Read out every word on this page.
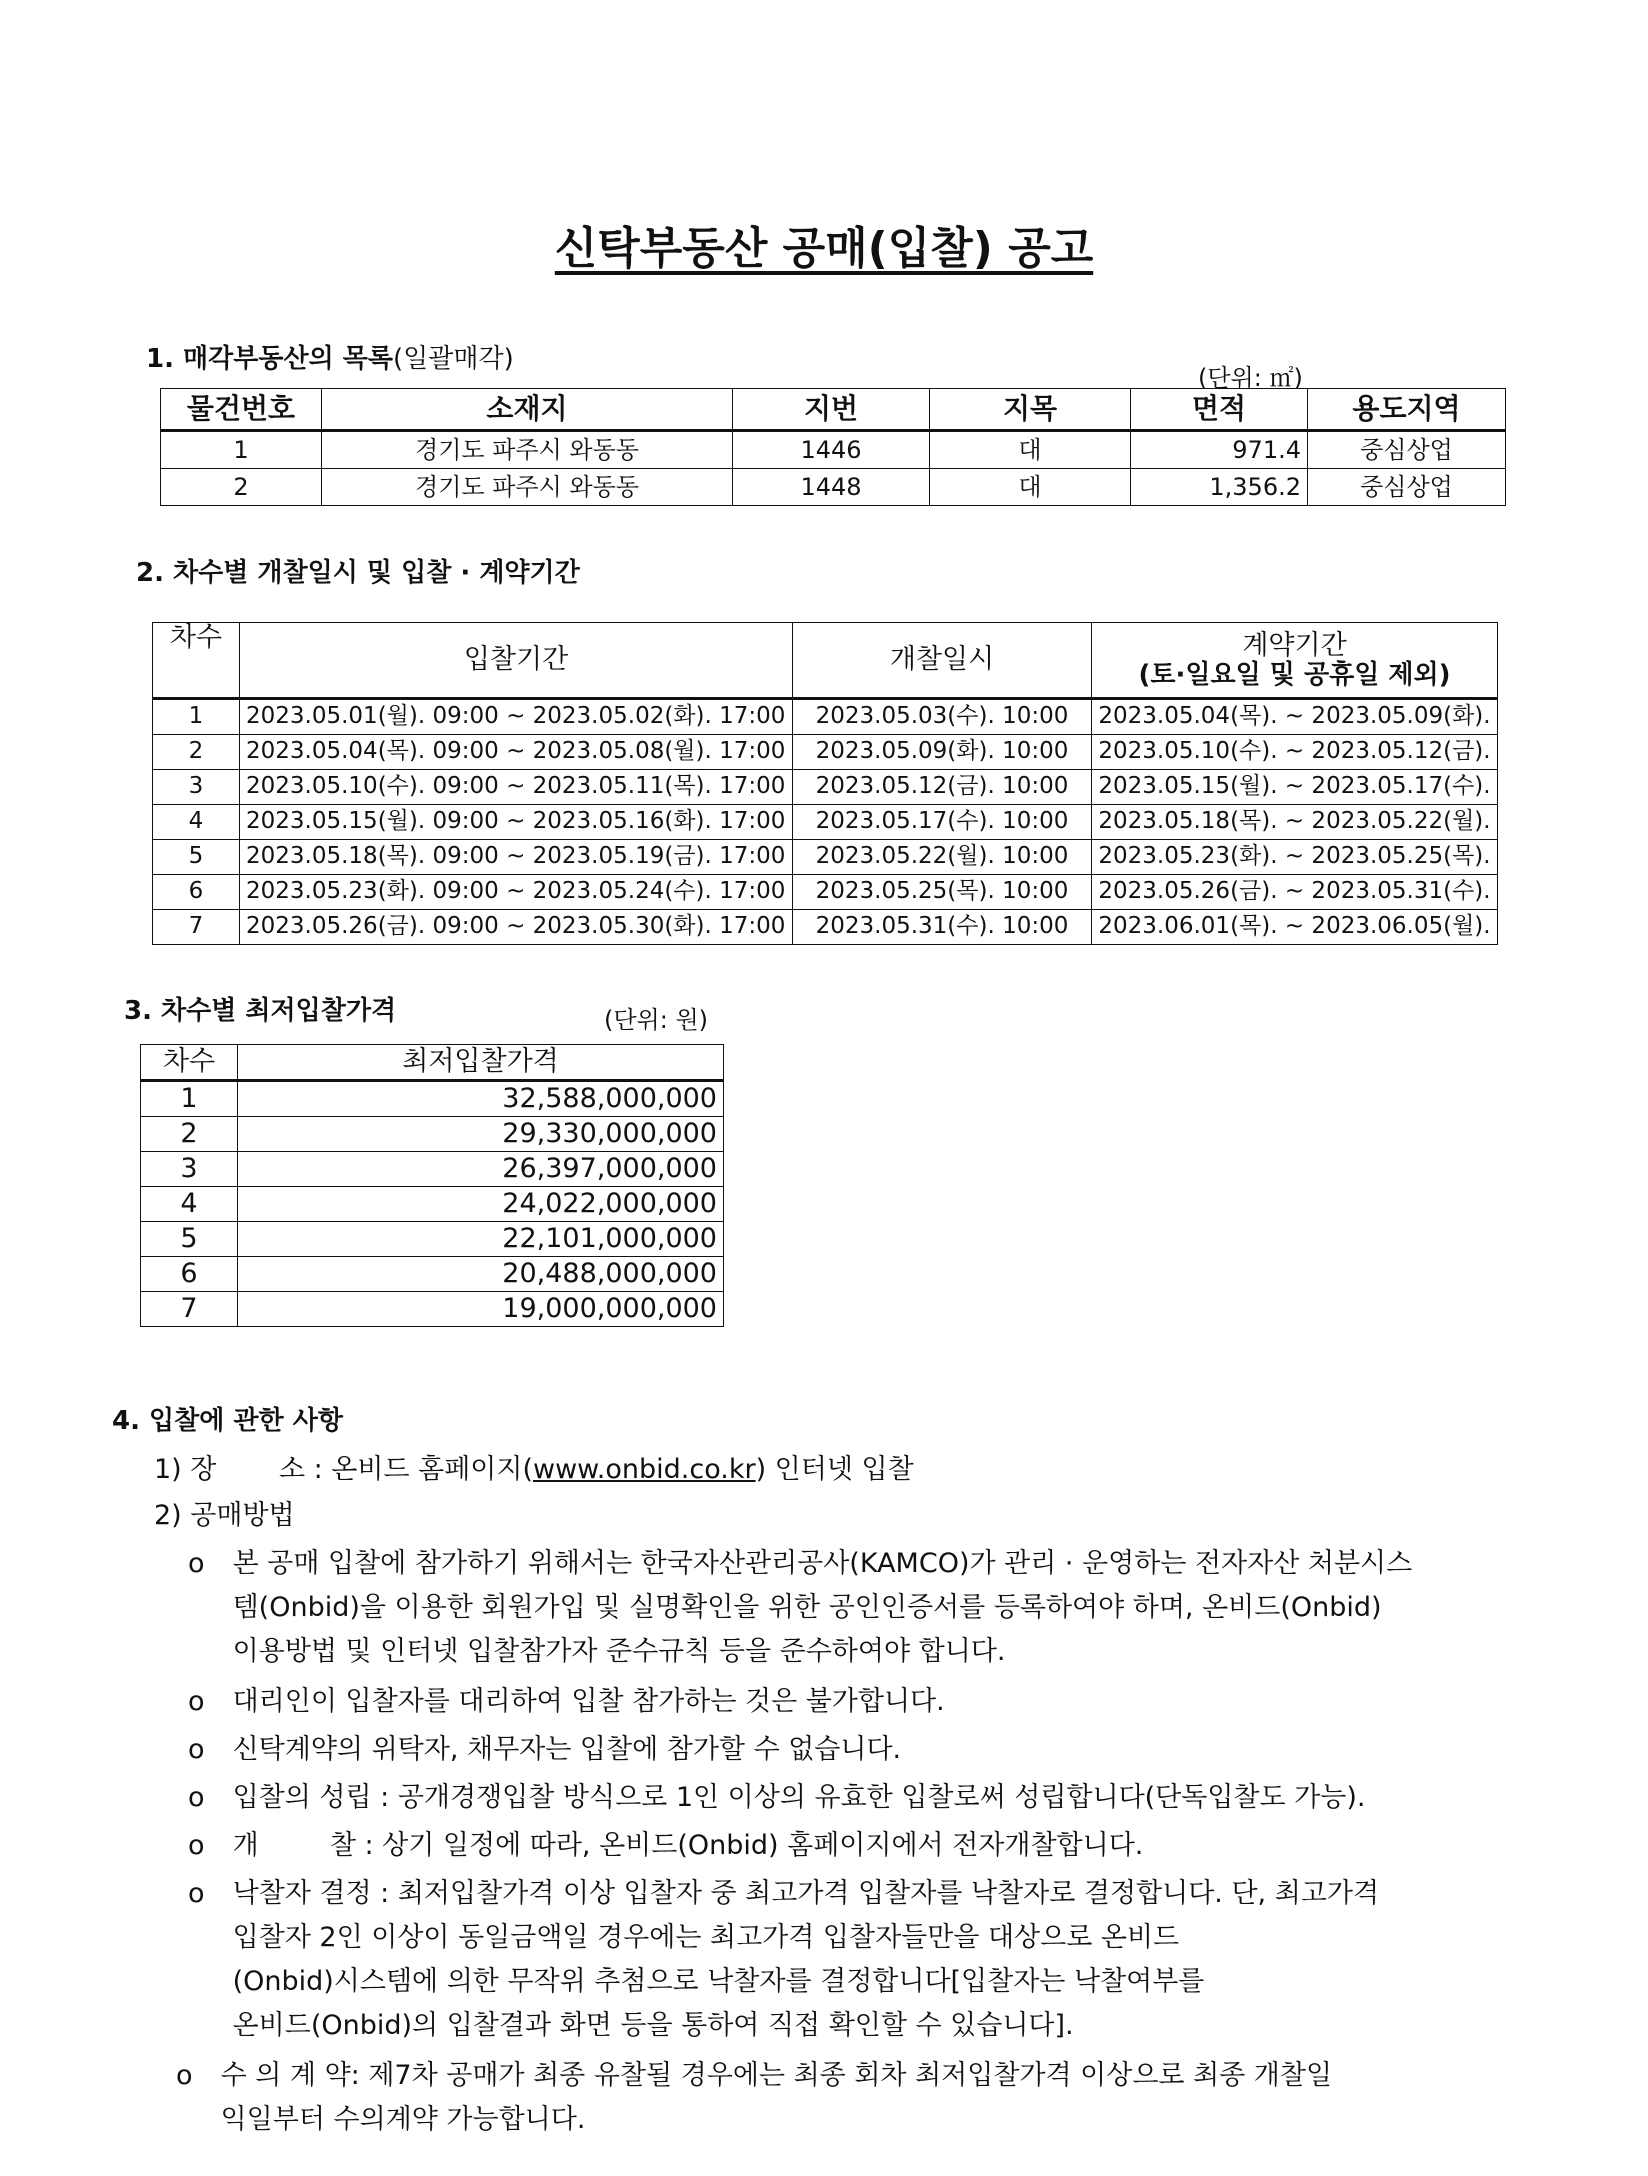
신탁부동산 공매(입찰) 공고
1. 매각부동산의 목록(일괄매각)
(단위: ㎡)
물건번호	소재지	지번	지목	면적	용도지역
1	경기도 파주시 와동동	1446	대	971.4	중심상업
2	경기도 파주시 와동동	1448	대	1,356.2	중심상업
2. 차수별 개찰일시 및 입찰 · 계약기간
차수	입찰기간	개찰일시	계약기간
(토·일요일 및 공휴일 제외)

1	2023.05.01(월). 09:00 ~ 2023.05.02(화). 17:00	2023.05.03(수). 10:00	2023.05.04(목). ~ 2023.05.09(화).
2	2023.05.04(목). 09:00 ~ 2023.05.08(월). 17:00	2023.05.09(화). 10:00	2023.05.10(수). ~ 2023.05.12(금).
3	2023.05.10(수). 09:00 ~ 2023.05.11(목). 17:00	2023.05.12(금). 10:00	2023.05.15(월). ~ 2023.05.17(수).
4	2023.05.15(월). 09:00 ~ 2023.05.16(화). 17:00	2023.05.17(수). 10:00	2023.05.18(목). ~ 2023.05.22(월).
5	2023.05.18(목). 09:00 ~ 2023.05.19(금). 17:00	2023.05.22(월). 10:00	2023.05.23(화). ~ 2023.05.25(목).
6	2023.05.23(화). 09:00 ~ 2023.05.24(수). 17:00	2023.05.25(목). 10:00	2023.05.26(금). ~ 2023.05.31(수).
7	2023.05.26(금). 09:00 ~ 2023.05.30(화). 17:00	2023.05.31(수). 10:00	2023.06.01(목). ~ 2023.06.05(월).
3. 차수별 최저입찰가격	(단위: 원)
차수	최저입찰가격
1	32,588,000,000
2	29,330,000,000
3	26,397,000,000
4	24,022,000,000
5	22,101,000,000
6	20,488,000,000
7	19,000,000,000
4. 입찰에 관한 사항
1) 장 　　소 : 온비드 홈페이지(www.onbid.co.kr) 인터넷 입찰
2) 공매방법
ο 본 공매 입찰에 참가하기 위해서는 한국자산관리공사(KAMCO)가 관리 · 운영하는 전자자산 처분시스
템(Onbid)을 이용한 회원가입 및 실명확인을 위한 공인인증서를 등록하여야 하며, 온비드(Onbid)
이용방법 및 인터넷 입찰참가자 준수규칙 등을 준수하여야 합니다.
ο 대리인이 입찰자를 대리하여 입찰 참가하는 것은 불가합니다.
ο 신탁계약의 위탁자, 채무자는 입찰에 참가할 수 없습니다.
ο 입찰의 성립 : 공개경쟁입찰 방식으로 1인 이상의 유효한 입찰로써 성립합니다(단독입찰도 가능).
ο 개 　　 찰 : 상기 일정에 따라, 온비드(Onbid) 홈페이지에서 전자개찰합니다.
ο 낙찰자 결정 : 최저입찰가격 이상 입찰자 중 최고가격 입찰자를 낙찰자로 결정합니다. 단, 최고가격
입찰자 2인 이상이 동일금액일 경우에는 최고가격 입찰자들만을 대상으로 온비드
(Onbid)시스템에 의한 무작위 추첨으로 낙찰자를 결정합니다[입찰자는 낙찰여부를
온비드(Onbid)의 입찰결과 화면 등을 통하여 직접 확인할 수 있습니다].
ο 수 의 계 약: 제7차 공매가 최종 유찰될 경우에는 최종 회차 최저입찰가격 이상으로 최종 개찰일
익일부터 수의계약 가능합니다.
